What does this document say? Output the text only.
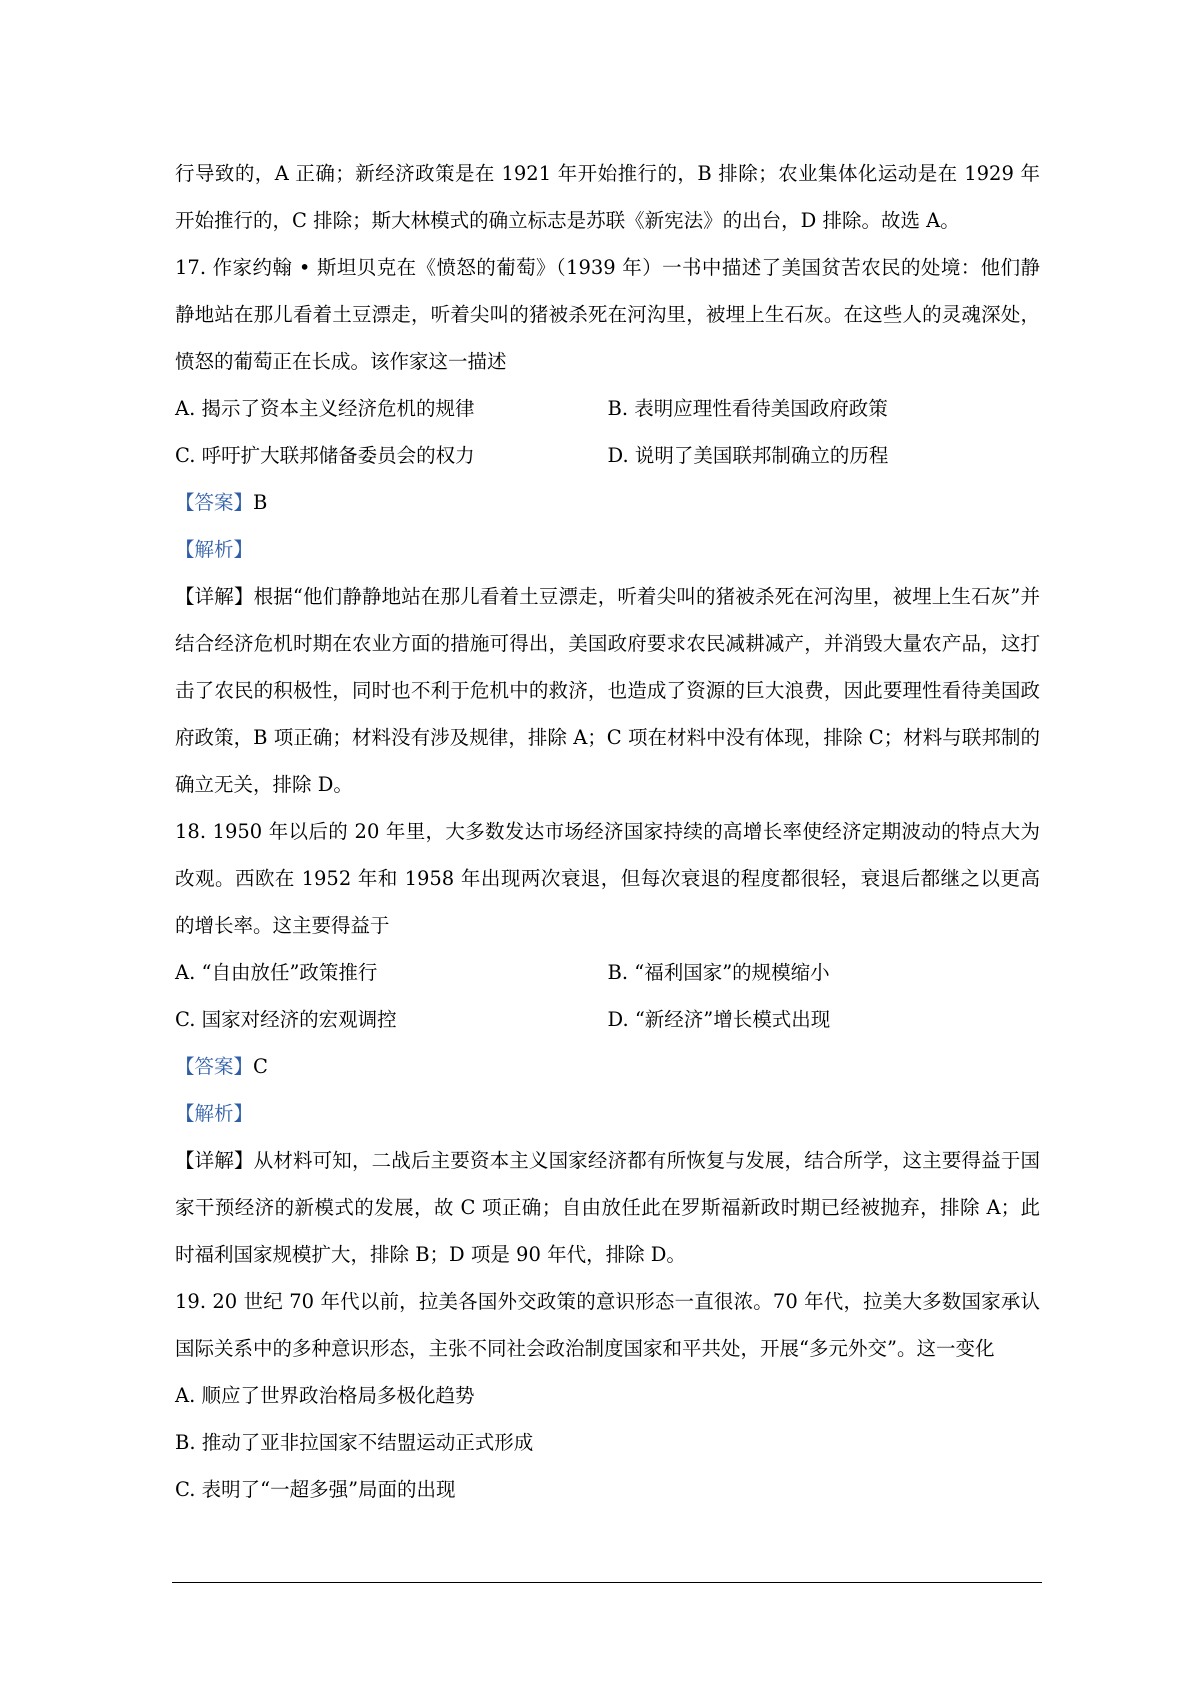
行导致的，A 正确；新经济政策是在 1921 年开始推行的，B 排除；农业集体化运动是在 1929 年开始推行的，C 排除；斯大林模式的确立标志是苏联《新宪法》的出台，D 排除。故选 A。

17. 作家约翰 • 斯坦贝克在《愤怒的葡萄》（1939 年）一书中描述了美国贫苦农民的处境：他们静静地站在那儿看着土豆漂走，听着尖叫的猪被杀死在河沟里，被埋上生石灰。在这些人的灵魂深处，愤怒的葡萄正在长成。该作家这一描述

A. 揭示了资本主义经济危机的规律	B. 表明应理性看待美国政府政策
C. 呼吁扩大联邦储备委员会的权力	D. 说明了美国联邦制确立的历程

【答案】B

【解析】

【详解】根据“他们静静地站在那儿看着土豆漂走，听着尖叫的猪被杀死在河沟里，被埋上生石灰”并结合经济危机时期在农业方面的措施可得出，美国政府要求农民减耕减产，并消毁大量农产品，这打击了农民的积极性，同时也不利于危机中的救济，也造成了资源的巨大浪费，因此要理性看待美国政府政策，B 项正确；材料没有涉及规律，排除 A；C 项在材料中没有体现，排除 C；材料与联邦制的确立无关，排除 D。

18. 1950 年以后的 20 年里，大多数发达市场经济国家持续的高增长率使经济定期波动的特点大为改观。西欧在 1952 年和 1958 年出现两次衰退，但每次衰退的程度都很轻，衰退后都继之以更高的增长率。这主要得益于

A. “自由放任”政策推行	B. “福利国家”的规模缩小
C. 国家对经济的宏观调控	D. “新经济”增长模式出现

【答案】C

【解析】

【详解】从材料可知，二战后主要资本主义国家经济都有所恢复与发展，结合所学，这主要得益于国家干预经济的新模式的发展，故 C 项正确；自由放任此在罗斯福新政时期已经被抛弃，排除 A；此时福利国家规模扩大，排除 B；D 项是 90 年代，排除 D。

19. 20 世纪 70 年代以前，拉美各国外交政策的意识形态一直很浓。70 年代，拉美大多数国家承认国际关系中的多种意识形态，主张不同社会政治制度国家和平共处，开展“多元外交”。这一变化

A. 顺应了世界政治格局多极化趋势
B. 推动了亚非拉国家不结盟运动正式形成
C. 表明了“一超多强”局面的出现
